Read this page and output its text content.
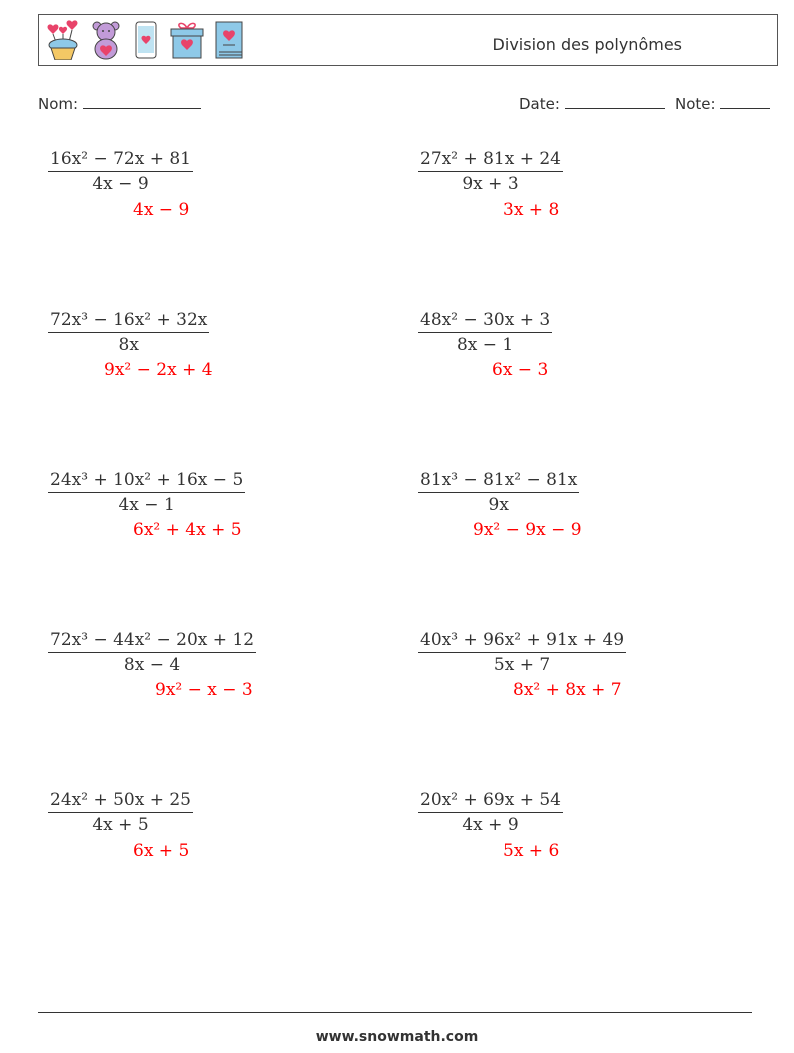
Division des polynômes
Nom:	Date:	Note:
$\frac{\text{16x² − 72x + 81}}{4x - 9}$
4x − 9
$\frac{\text{27x² + 81x + 24}}{9x + 3}$
3x + 8
$\frac{\text{72x³ − 16x² + 32x}}{8x}$
9x² − 2x + 4
$\frac{\text{48x² − 30x + 3}}{8x - 1}$
6x − 3
$\frac{\text{24x³ + 10x² + 16x − 5}}{4x - 1}$
6x² + 4x + 5
$\frac{\text{81x³ − 81x² − 81x}}{9x}$
9x² − 9x − 9
$\frac{\text{72x³ − 44x² − 20x + 12}}{8x - 4}$
9x² − x − 3
$\frac{\text{40x³ + 96x² + 91x + 49}}{5x + 7}$
8x² + 8x + 7
$\frac{\text{24x² + 50x + 25}}{4x + 5}$
6x + 5
$\frac{\text{20x² + 69x + 54}}{4x + 9}$
5x + 6
www.snowmath.com
